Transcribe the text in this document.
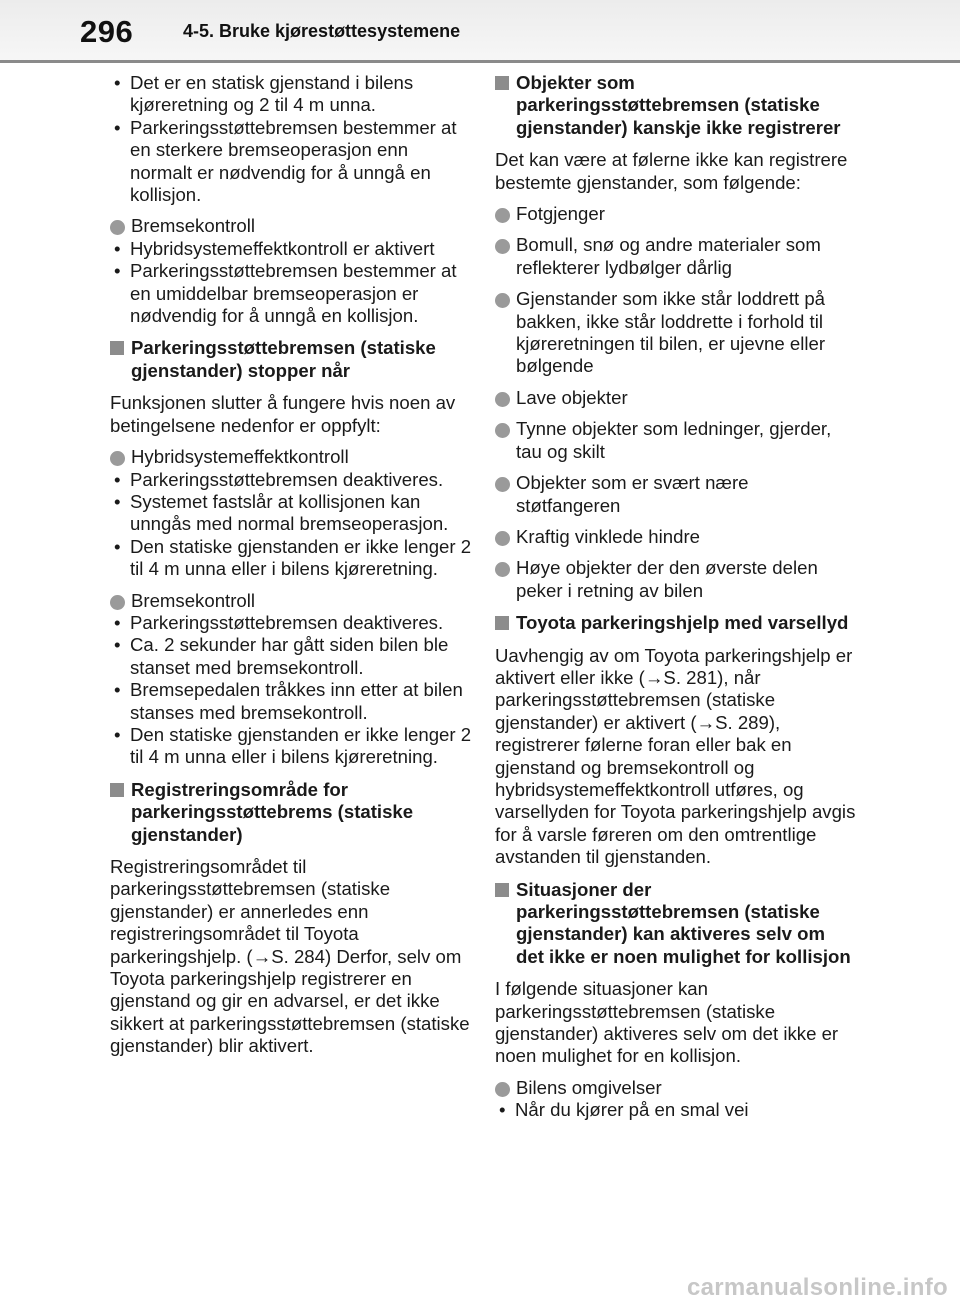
296	4-5. Bruke kjørestøttesystemene
• Det er en statisk gjenstand i bilens kjøreretning og 2 til 4 m unna.
• Parkeringsstøttebremsen bestemmer at en sterkere bremseoperasjon enn normalt er nødvendig for å unngå en kollisjon.
Bremsekontroll
• Hybridsystemeffektkontroll er aktivert
• Parkeringsstøttebremsen bestemmer at en umiddelbar bremseoperasjon er nødvendig for å unngå en kollisjon.
Parkeringsstøttebremsen (statiske gjenstander) stopper når
Funksjonen slutter å fungere hvis noen av betingelsene nedenfor er oppfylt:
Hybridsystemeffektkontroll
• Parkeringsstøttebremsen deaktiveres.
• Systemet fastslår at kollisjonen kan unngås med normal bremseoperasjon.
• Den statiske gjenstanden er ikke lenger 2 til 4 m unna eller i bilens kjøreretning.
Bremsekontroll
• Parkeringsstøttebremsen deaktiveres.
• Ca. 2 sekunder har gått siden bilen ble stanset med bremsekontroll.
• Bremsepedalen tråkkes inn etter at bilen stanses med bremsekontroll.
• Den statiske gjenstanden er ikke lenger 2 til 4 m unna eller i bilens kjøreretning.
Registreringsområde for parkeringsstøttebrems (statiske gjenstander)
Registreringsområdet til parkeringsstøttebremsen (statiske gjenstander) er annerledes enn registreringsområdet til Toyota parkeringshjelp. (→S. 284) Derfor, selv om Toyota parkeringshjelp registrerer en gjenstand og gir en advarsel, er det ikke sikkert at parkeringsstøttebremsen (statiske gjenstander) blir aktivert.
Objekter som parkeringsstøttebremsen (statiske gjenstander) kanskje ikke registrerer
Det kan være at følerne ikke kan registrere bestemte gjenstander, som følgende:
Fotgjenger
Bomull, snø og andre materialer som reflekterer lydbølger dårlig
Gjenstander som ikke står loddrett på bakken, ikke står loddrette i forhold til kjøreretningen til bilen, er ujevne eller bølgende
Lave objekter
Tynne objekter som ledninger, gjerder, tau og skilt
Objekter som er svært nære støtfangeren
Kraftig vinklede hindre
Høye objekter der den øverste delen peker i retning av bilen
Toyota parkeringshjelp med varsellyd
Uavhengig av om Toyota parkeringshjelp er aktivert eller ikke (→S. 281), når parkeringsstøttebremsen (statiske gjenstander) er aktivert (→S. 289), registrerer følerne foran eller bak en gjenstand og bremsekontroll og hybridsystemeffektkontroll utføres, og varsellyden for Toyota parkeringshjelp avgis for å varsle føreren om den omtrentlige avstanden til gjenstanden.
Situasjoner der parkeringsstøttebremsen (statiske gjenstander) kan aktiveres selv om det ikke er noen mulighet for kollisjon
I følgende situasjoner kan parkeringsstøttebremsen (statiske gjenstander) aktiveres selv om det ikke er noen mulighet for en kollisjon.
Bilens omgivelser
• Når du kjører på en smal vei
carmanualsonline.info
